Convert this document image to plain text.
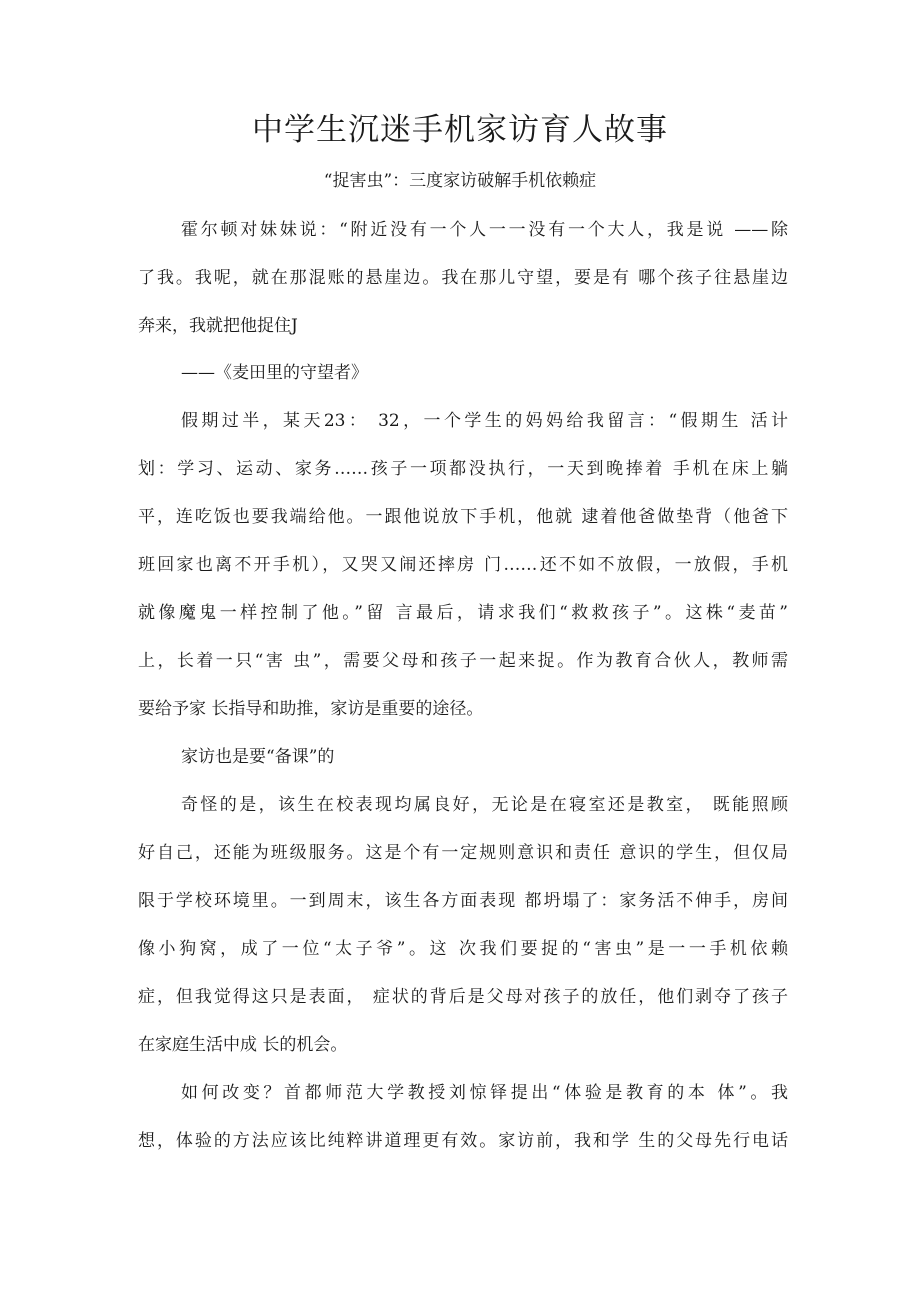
中学生沉迷手机家访育人故事
“捉害虫”：三度家访破解手机依赖症
霍尔顿对妹妹说：“附近没有一个人一一没有一个大人，我是说 ——除
了我。我呢，就在那混账的悬崖边。我在那儿守望，要是有 哪个孩子往悬崖边
奔来，我就把他捉住J
——《麦田里的守望者》
假期过半，某天23： 32，一个学生的妈妈给我留言：“假期生 活计
划：学习、运动、家务……孩子一项都没执行，一天到晚捧着 手机在床上躺
平，连吃饭也要我端给他。一跟他说放下手机，他就 逮着他爸做垫背（他爸下
班回家也离不开手机），又哭又闹还摔房 门……还不如不放假，一放假，手机
就像魔鬼一样控制了他。”留 言最后，请求我们“救救孩子”。这株“麦苗”
上，长着一只“害 虫”，需要父母和孩子一起来捉。作为教育合伙人，教师需
要给予家 长指导和助推，家访是重要的途径。
家访也是要“备课”的
奇怪的是，该生在校表现均属良好，无论是在寝室还是教室， 既能照顾
好自己，还能为班级服务。这是个有一定规则意识和责任 意识的学生，但仅局
限于学校环境里。一到周末，该生各方面表现 都坍塌了：家务活不伸手，房间
像小狗窝，成了一位“太子爷”。这 次我们要捉的“害虫”是一一手机依赖
症，但我觉得这只是表面， 症状的背后是父母对孩子的放任，他们剥夺了孩子
在家庭生活中成 长的机会。
如何改变？首都师范大学教授刘惊铎提出“体验是教育的本 体”。我
想，体验的方法应该比纯粹讲道理更有效。家访前，我和学 生的父母先行电话
